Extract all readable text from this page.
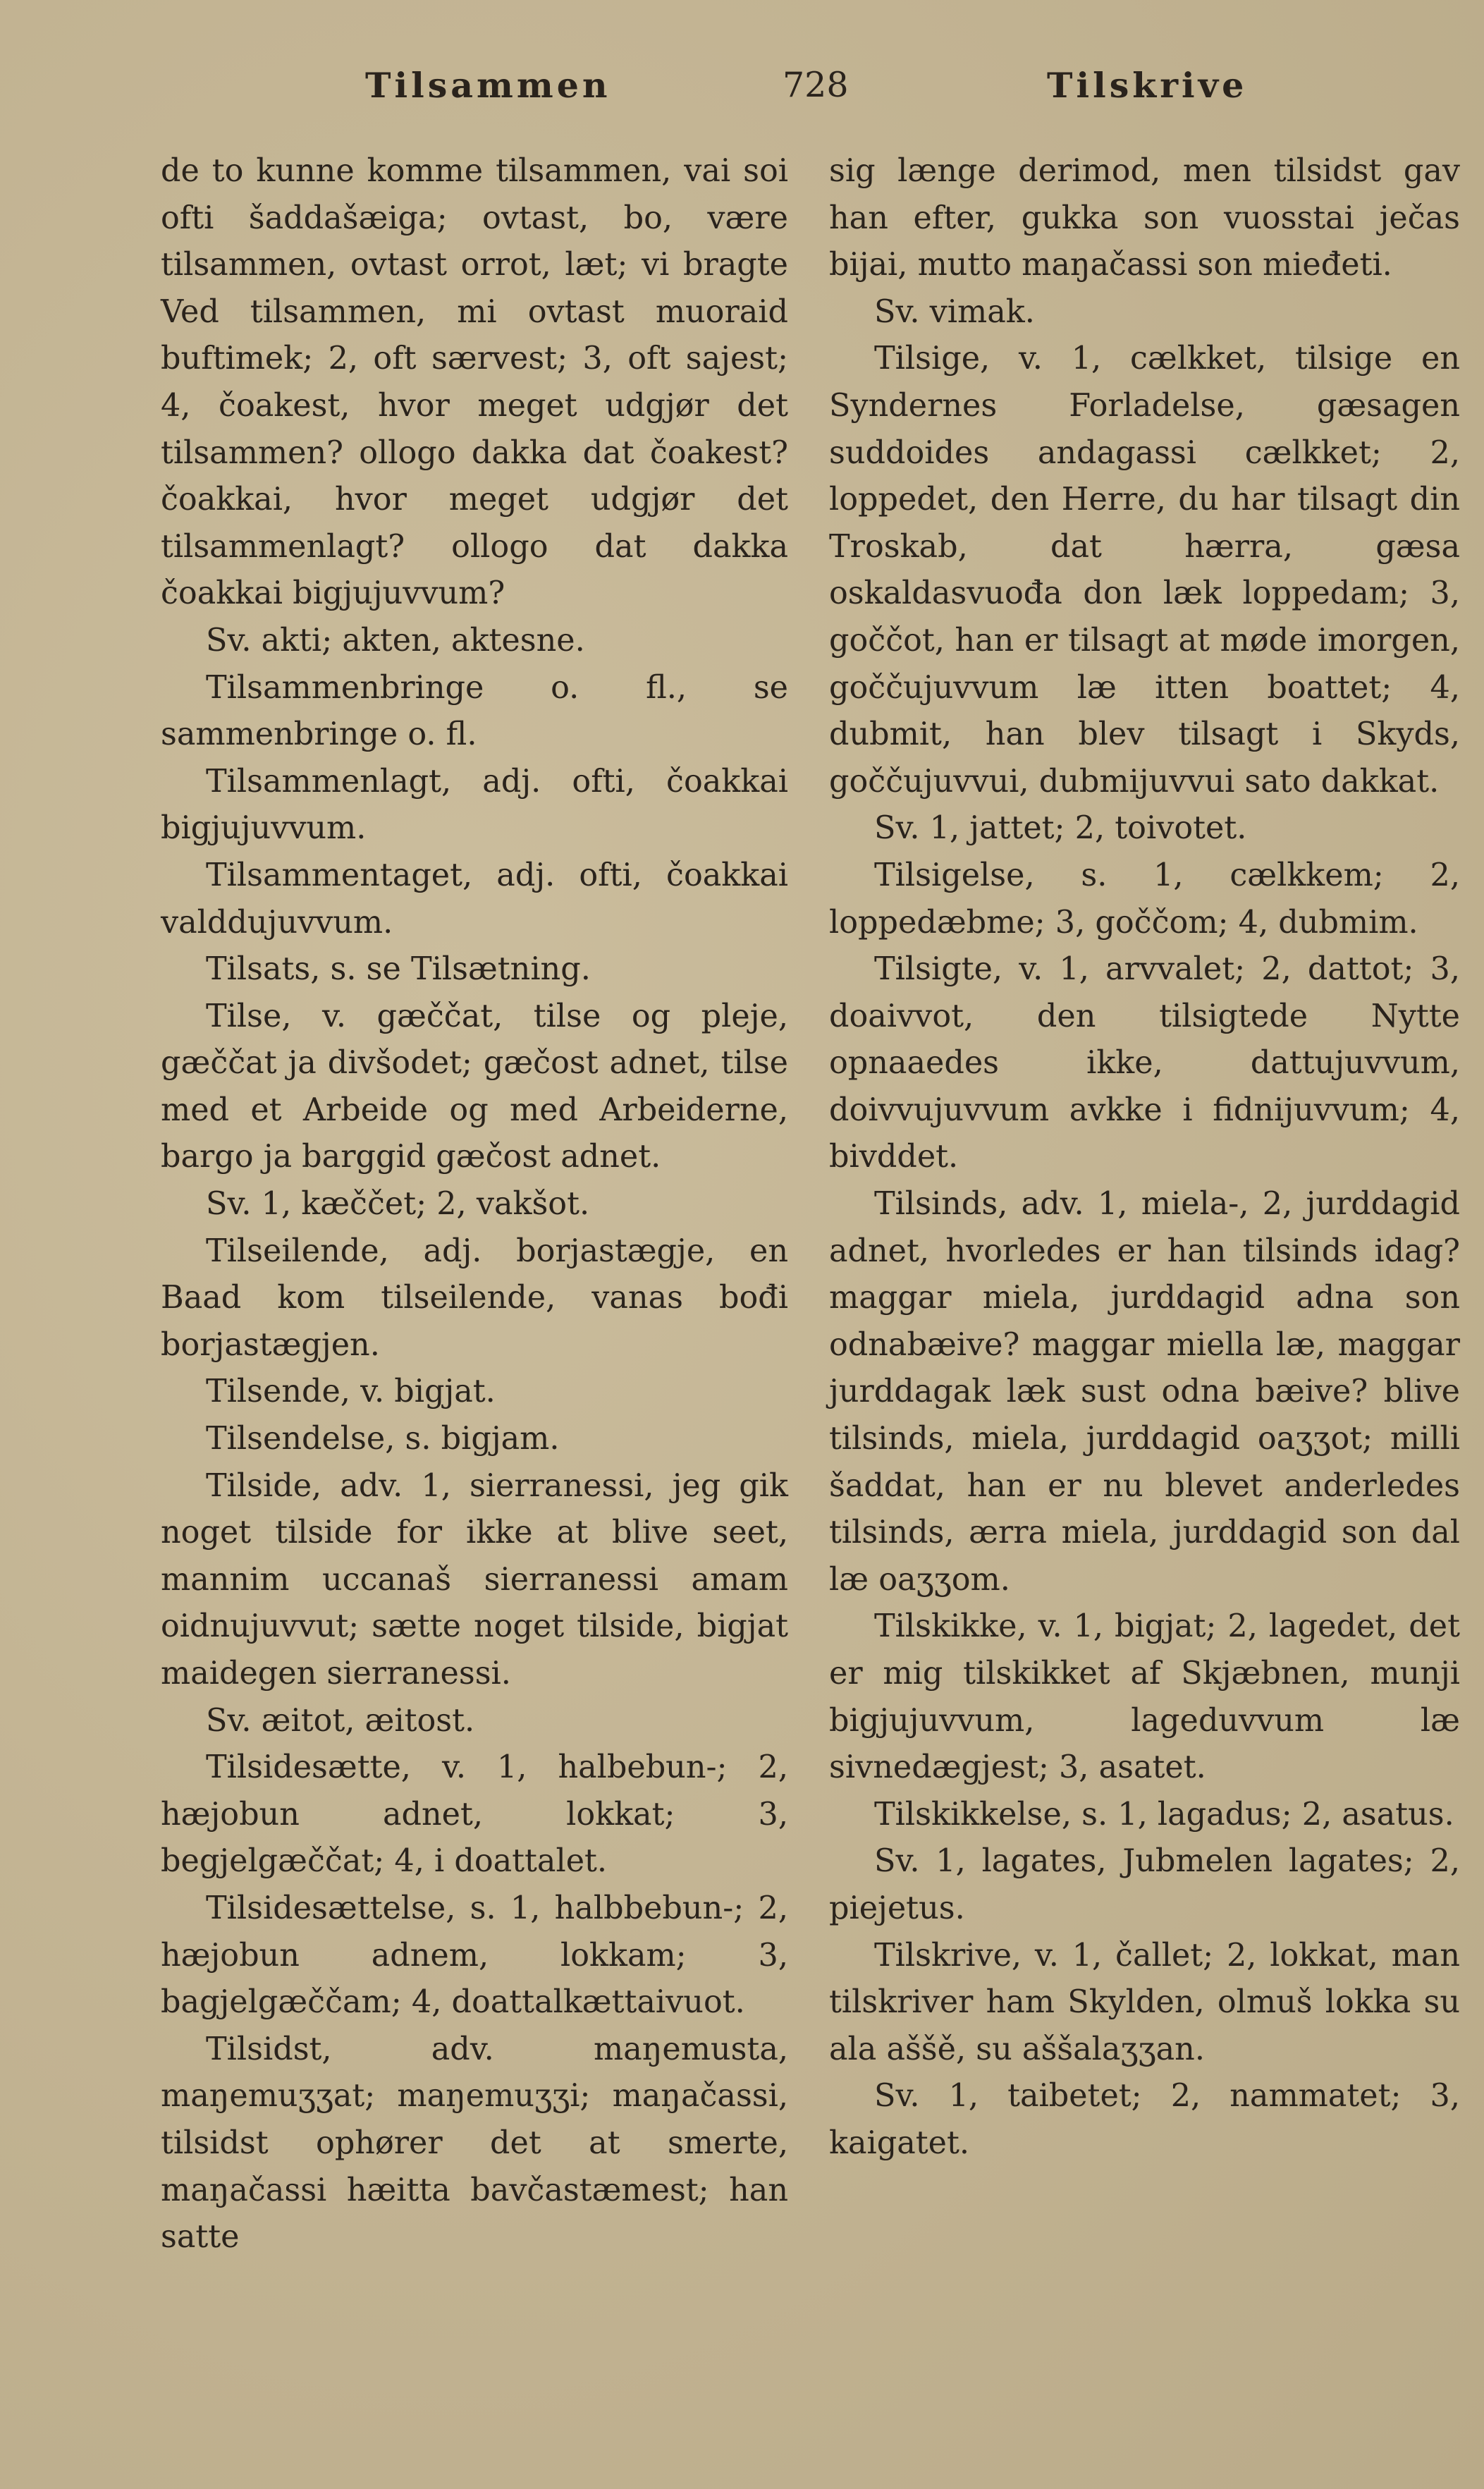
Tilsammen	728	Tilskrive

de to kunne komme tilsammen, vai soi ofti šaddašæiga; ovtast, bo, være tilsammen, ovtast orrot, læt; vi bragte Ved tilsammen, mi ovtast muoraid buftimek; 2, oft særvest; 3, oft sajest; 4, čoakest, hvor meget udgjør det tilsammen? ollogo dakka dat čoakest? čoakkai, hvor meget udgjør det tilsammenlagt? ollogo dat dakka čoakkai bigjujuvvum?

Sv. akti; akten, aktesne.

Tilsammenbringe o. fl., se sammenbringe o. fl.

Tilsammenlagt, adj. ofti, čoakkai bigjujuvvum.

Tilsammentaget, adj. ofti, čoakkai valddujuvvum.

Tilsats, s. se Tilsætning.

Tilse, v. gæččat, tilse og pleje, gæččat ja divšodet; gæčost adnet, tilse med et Arbeide og med Arbeiderne, bargo ja barggid gæčost adnet.

Sv. 1, kæččet; 2, vakšot.

Tilseilende, adj. borjastægje, en Baad kom tilseilende, vanas bođi borjastægjen.

Tilsende, v. bigjat.

Tilsendelse, s. bigjam.

Tilside, adv. 1, sierranessi, jeg gik noget tilside for ikke at blive seet, mannim uccanaš sierranessi amam oidnujuvvut; sætte noget tilside, bigjat maidegen sierranessi.

Sv. æitot, æitost.

Tilsidesætte, v. 1, halbebun-; 2, hæjobun adnet, lokkat; 3, begjelgæččat; 4, i doattalet.

Tilsidesættelse, s. 1, halbbebun-; 2, hæjobun adnem, lokkam; 3, bagjelgæččam; 4, doattalkættaivuot.

Tilsidst, adv. maŋemusta, maŋemuʒʒat; maŋemuʒʒi; maŋačassi, tilsidst ophører det at smerte, maŋačassi hæitta bavčastæmest; han satte

sig længe derimod, men tilsidst gav han efter, gukka son vuosstai ječas bijai, mutto maŋačassi son mieđeti.

Sv. vimak.

Tilsige, v. 1, cælkket, tilsige en Syndernes Forladelse, gæsagen suddoides andagassi cælkket; 2, loppedet, den Herre, du har tilsagt din Troskab, dat hærra, gæsa oskaldasvuođa don læk loppedam; 3, goččot, han er tilsagt at møde imorgen, goččujuvvum læ itten boattet; 4, dubmit, han blev tilsagt i Skyds, goččujuvvui, dubmijuvvui sato dakkat.

Sv. 1, jattet; 2, toivotet.

Tilsigelse, s. 1, cælkkem; 2, loppedæbme; 3, goččom; 4, dubmim.

Tilsigte, v. 1, arvvalet; 2, dattot; 3, doaivvot, den tilsigtede Nytte opnaaedes ikke, dattujuvvum, doivvujuvvum avkke i fidnijuvvum; 4, bivddet.

Tilsinds, adv. 1, miela-, 2, jurddagid adnet, hvorledes er han tilsinds idag? maggar miela, jurddagid adna son odnabæive? maggar miella læ, maggar jurddagak læk sust odna bæive? blive tilsinds, miela, jurddagid oaʒʒot; milli šaddat, han er nu blevet anderledes tilsinds, ærra miela, jurddagid son dal læ oaʒʒom.

Tilskikke, v. 1, bigjat; 2, lagedet, det er mig tilskikket af Skjæbnen, munji bigjujuvvum, lageduvvum læ sivnedægjest; 3, asatet.

Tilskikkelse, s. 1, lagadus; 2, asatus.

Sv. 1, lagates, Jubmelen lagates; 2, piejetus.

Tilskrive, v. 1, čallet; 2, lokkat, man tilskriver ham Skylden, olmuš lokka su ala aššě, su aššalaʒʒan.

Sv. 1, taibetet; 2, nammatet; 3, kaigatet.
